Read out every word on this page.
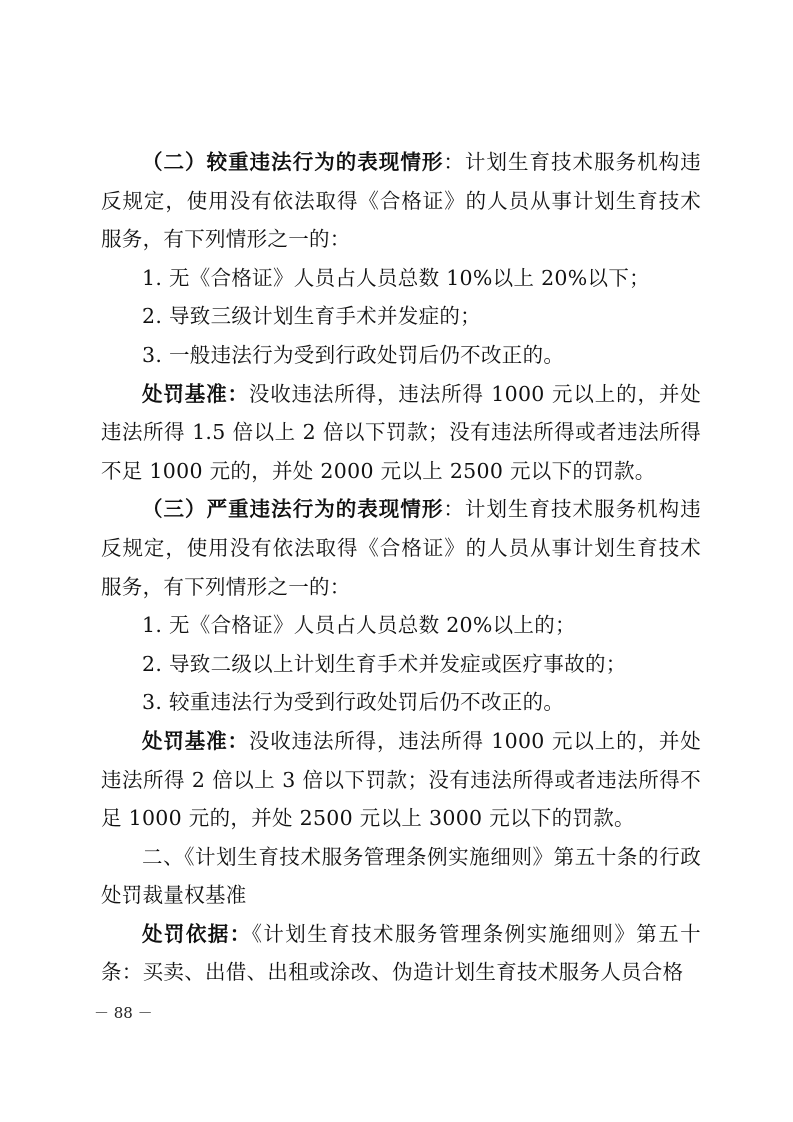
（二）较重违法行为的表现情形：计划生育技术服务机构违反规定，使用没有依法取得《合格证》的人员从事计划生育技术服务，有下列情形之一的：

1. 无《合格证》人员占人员总数 10%以上 20%以下；

2. 导致三级计划生育手术并发症的；

3. 一般违法行为受到行政处罚后仍不改正的。

处罚基准：没收违法所得，违法所得 1000 元以上的，并处违法所得 1.5 倍以上 2 倍以下罚款；没有违法所得或者违法所得不足 1000 元的，并处 2000 元以上 2500 元以下的罚款。

（三）严重违法行为的表现情形：计划生育技术服务机构违反规定，使用没有依法取得《合格证》的人员从事计划生育技术服务，有下列情形之一的：

1. 无《合格证》人员占人员总数 20%以上的；

2. 导致二级以上计划生育手术并发症或医疗事故的；

3. 较重违法行为受到行政处罚后仍不改正的。

处罚基准：没收违法所得，违法所得 1000 元以上的，并处违法所得 2 倍以上 3 倍以下罚款；没有违法所得或者违法所得不足 1000 元的，并处 2500 元以上 3000 元以下的罚款。

二、《计划生育技术服务管理条例实施细则》第五十条的行政处罚裁量权基准

处罚依据：《计划生育技术服务管理条例实施细则》第五十条：买卖、出借、出租或涂改、伪造计划生育技术服务人员合格

－ 88 －
